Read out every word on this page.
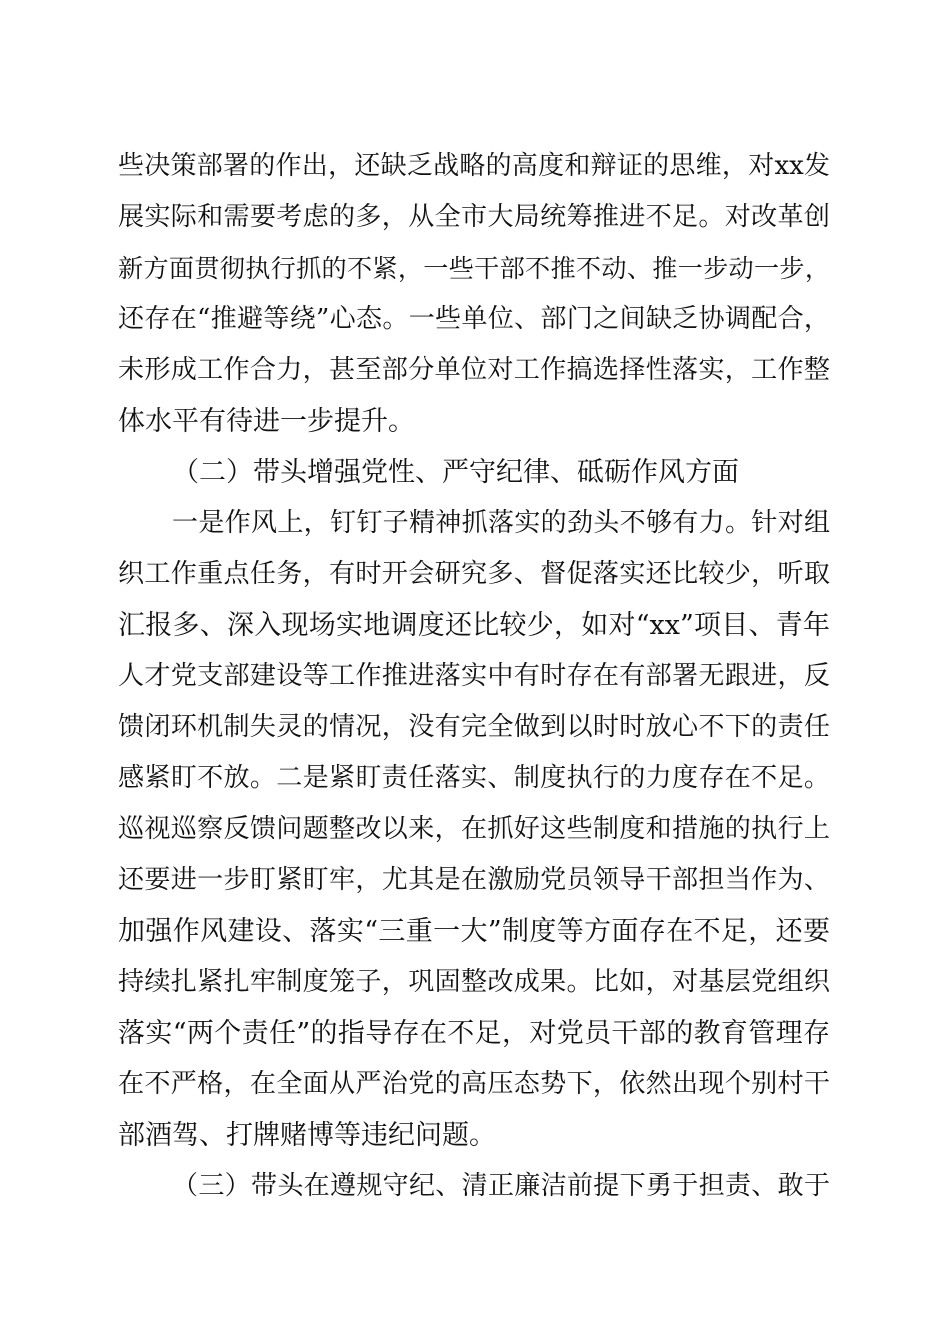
些决策部署的作出，还缺乏战略的高度和辩证的思维，对xx发
展实际和需要考虑的多，从全市大局统筹推进不足。对改革创
新方面贯彻执行抓的不紧，一些干部不推不动、推一步动一步，
还存在“推避等绕”心态。一些单位、部门之间缺乏协调配合，
未形成工作合力，甚至部分单位对工作搞选择性落实，工作整
体水平有待进一步提升。
（二）带头增强党性、严守纪律、砥砺作风方面
一是作风上，钉钉子精神抓落实的劲头不够有力。针对组
织工作重点任务，有时开会研究多、督促落实还比较少，听取
汇报多、深入现场实地调度还比较少，如对“xx”项目、青年
人才党支部建设等工作推进落实中有时存在有部署无跟进，反
馈闭环机制失灵的情况，没有完全做到以时时放心不下的责任
感紧盯不放。二是紧盯责任落实、制度执行的力度存在不足。
巡视巡察反馈问题整改以来，在抓好这些制度和措施的执行上
还要进一步盯紧盯牢，尤其是在激励党员领导干部担当作为、
加强作风建设、落实“三重一大”制度等方面存在不足，还要
持续扎紧扎牢制度笼子，巩固整改成果。比如，对基层党组织
落实“两个责任”的指导存在不足，对党员干部的教育管理存
在不严格，在全面从严治党的高压态势下，依然出现个别村干
部酒驾、打牌赌博等违纪问题。
（三）带头在遵规守纪、清正廉洁前提下勇于担责、敢于
